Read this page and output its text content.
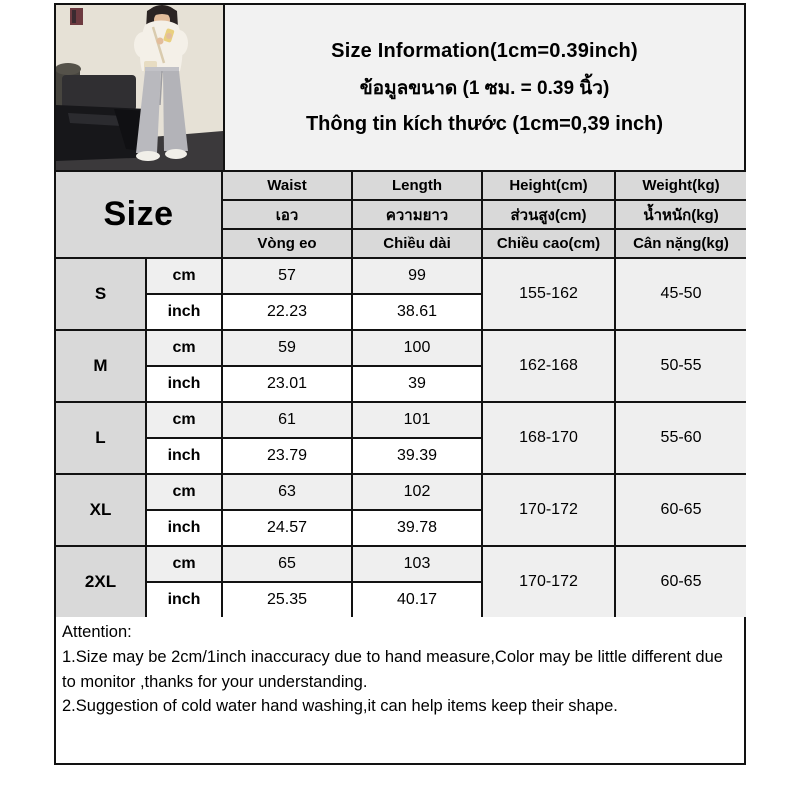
Size Information(1cm=0.39inch)
ข้อมูลขนาด (1 ซม. = 0.39 นิ้ว)
Thông tin kích thước (1cm=0,39 inch)
Size		Waist	Length	Height(cm)	Weight(kg)
		เอว	ความยาว	ส่วนสูง(cm)	น้ำหนัก(kg)
		Vòng eo	Chiều dài	Chiều cao(cm)	Cân nặng(kg)
S	cm	57	99	155-162	45-50
	inch	22.23	38.61		
M	cm	59	100	162-168	50-55
	inch	23.01	39		
L	cm	61	101	168-170	55-60
	inch	23.79	39.39		
XL	cm	63	102	170-172	60-65
	inch	24.57	39.78		
2XL	cm	65	103	170-172	60-65
	inch	25.35	40.17		
Attention:
1.Size may be 2cm/1inch inaccuracy due to hand measure,Color may be little different due to monitor ,thanks for your understanding.
2.Suggestion of cold water hand washing,it can help items keep their shape.
